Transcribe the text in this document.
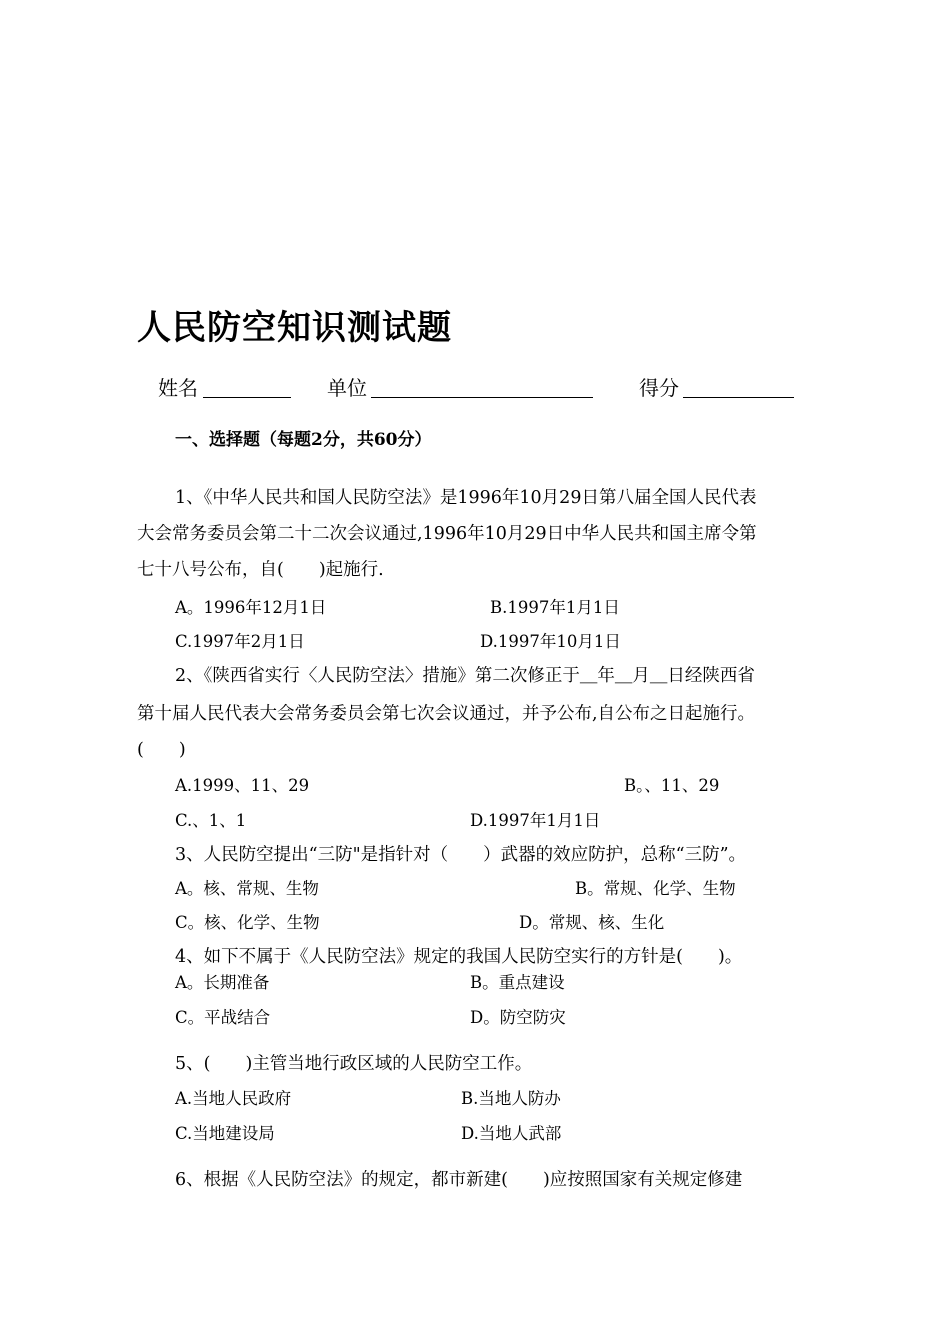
人民防空知识测试题
姓名	单位	得分
一、选择题（每题2分，共60分）
1、《中华人民共和国人民防空法》是1996年10月29日第八届全国人民代表
大会常务委员会第二十二次会议通过,1996年10月29日中华人民共和国主席令第
七十八号公布，自(　　)起施行.
A。1996年12月1日	B.1997年1月1日
C.1997年2月1日	D.1997年10月1日
2、《陕西省实行〈人民防空法〉措施》第二次修正于＿年＿月＿日经陕西省
第十届人民代表大会常务委员会第七次会议通过，并予公布,自公布之日起施行。
(　　)
A.1999、11、29	B。、11、29
C.、1、1	D.1997年1月1日
3、人民防空提出“三防"是指针对（　　）武器的效应防护，总称“三防”。
A。核、常规、生物	B。常规、化学、生物
C。核、化学、生物	D。常规、核、生化
4、如下不属于《人民防空法》规定的我国人民防空实行的方针是(　　)。
A。长期准备	B。重点建设
C。平战结合	D。防空防灾
5、(　　)主管当地行政区域的人民防空工作。
A.当地人民政府	B.当地人防办
C.当地建设局	D.当地人武部
6、根据《人民防空法》的规定，都市新建(　　)应按照国家有关规定修建
